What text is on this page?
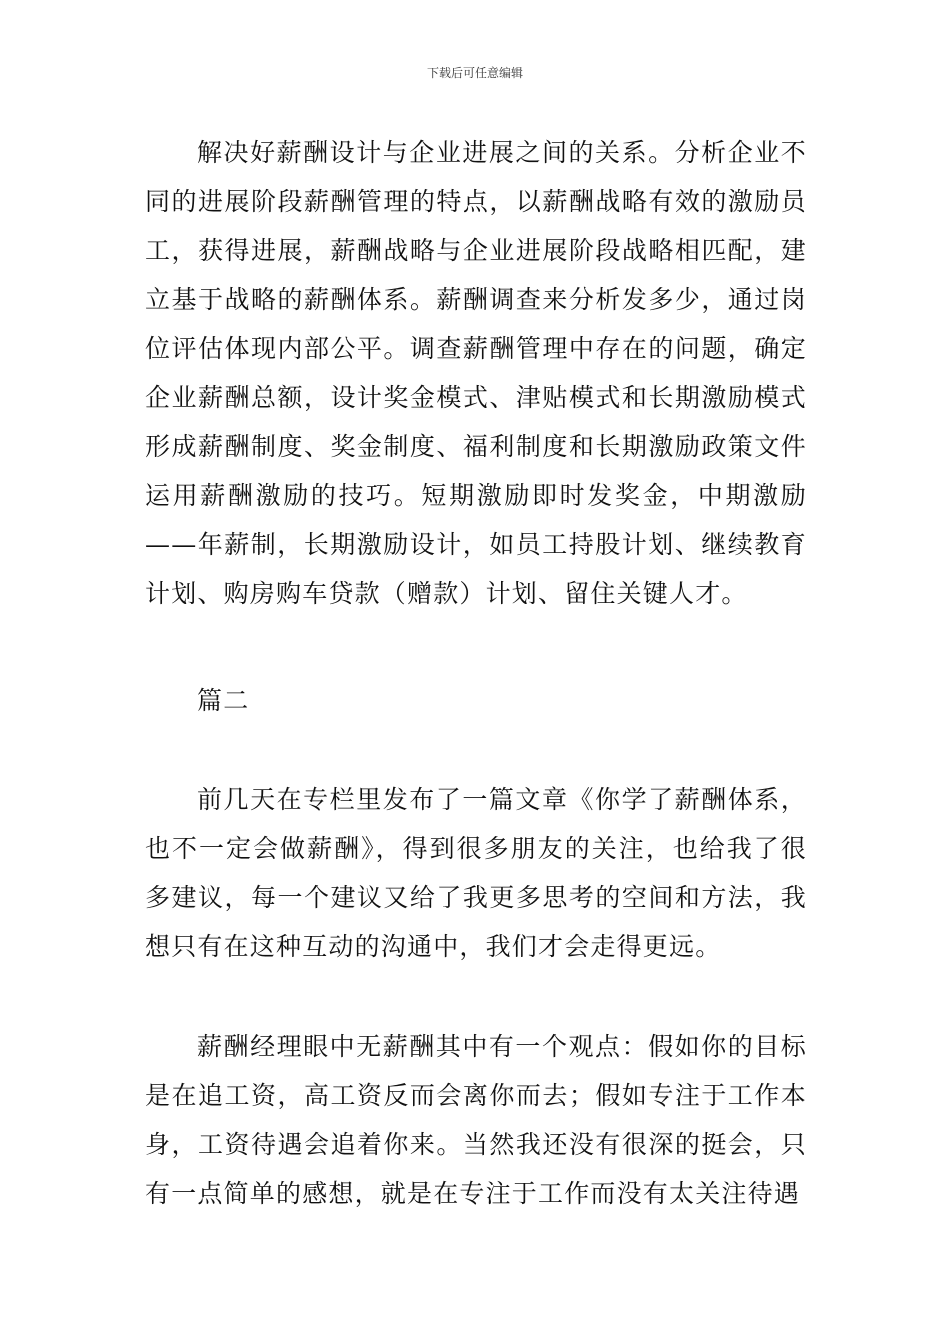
下载后可任意编辑

解决好薪酬设计与企业进展之间的关系。分析企业不同的进展阶段薪酬管理的特点，以薪酬战略有效的激励员工，获得进展，薪酬战略与企业进展阶段战略相匹配，建立基于战略的薪酬体系。薪酬调查来分析发多少，通过岗位评估体现内部公平。调查薪酬管理中存在的问题，确定企业薪酬总额，设计奖金模式、津贴模式和长期激励模式形成薪酬制度、奖金制度、福利制度和长期激励政策文件运用薪酬激励的技巧。短期激励即时发奖金，中期激励——年薪制，长期激励设计，如员工持股计划、继续教育计划、购房购车贷款（赠款）计划、留住关键人才。

篇二

前几天在专栏里发布了一篇文章《你学了薪酬体系，也不一定会做薪酬》，得到很多朋友的关注，也给我了很多建议，每一个建议又给了我更多思考的空间和方法，我想只有在这种互动的沟通中，我们才会走得更远。

薪酬经理眼中无薪酬其中有一个观点：假如你的目标是在追工资，高工资反而会离你而去；假如专注于工作本身，工资待遇会追着你来。当然我还没有很深的挺会，只有一点简单的感想，就是在专注于工作而没有太关注待遇
